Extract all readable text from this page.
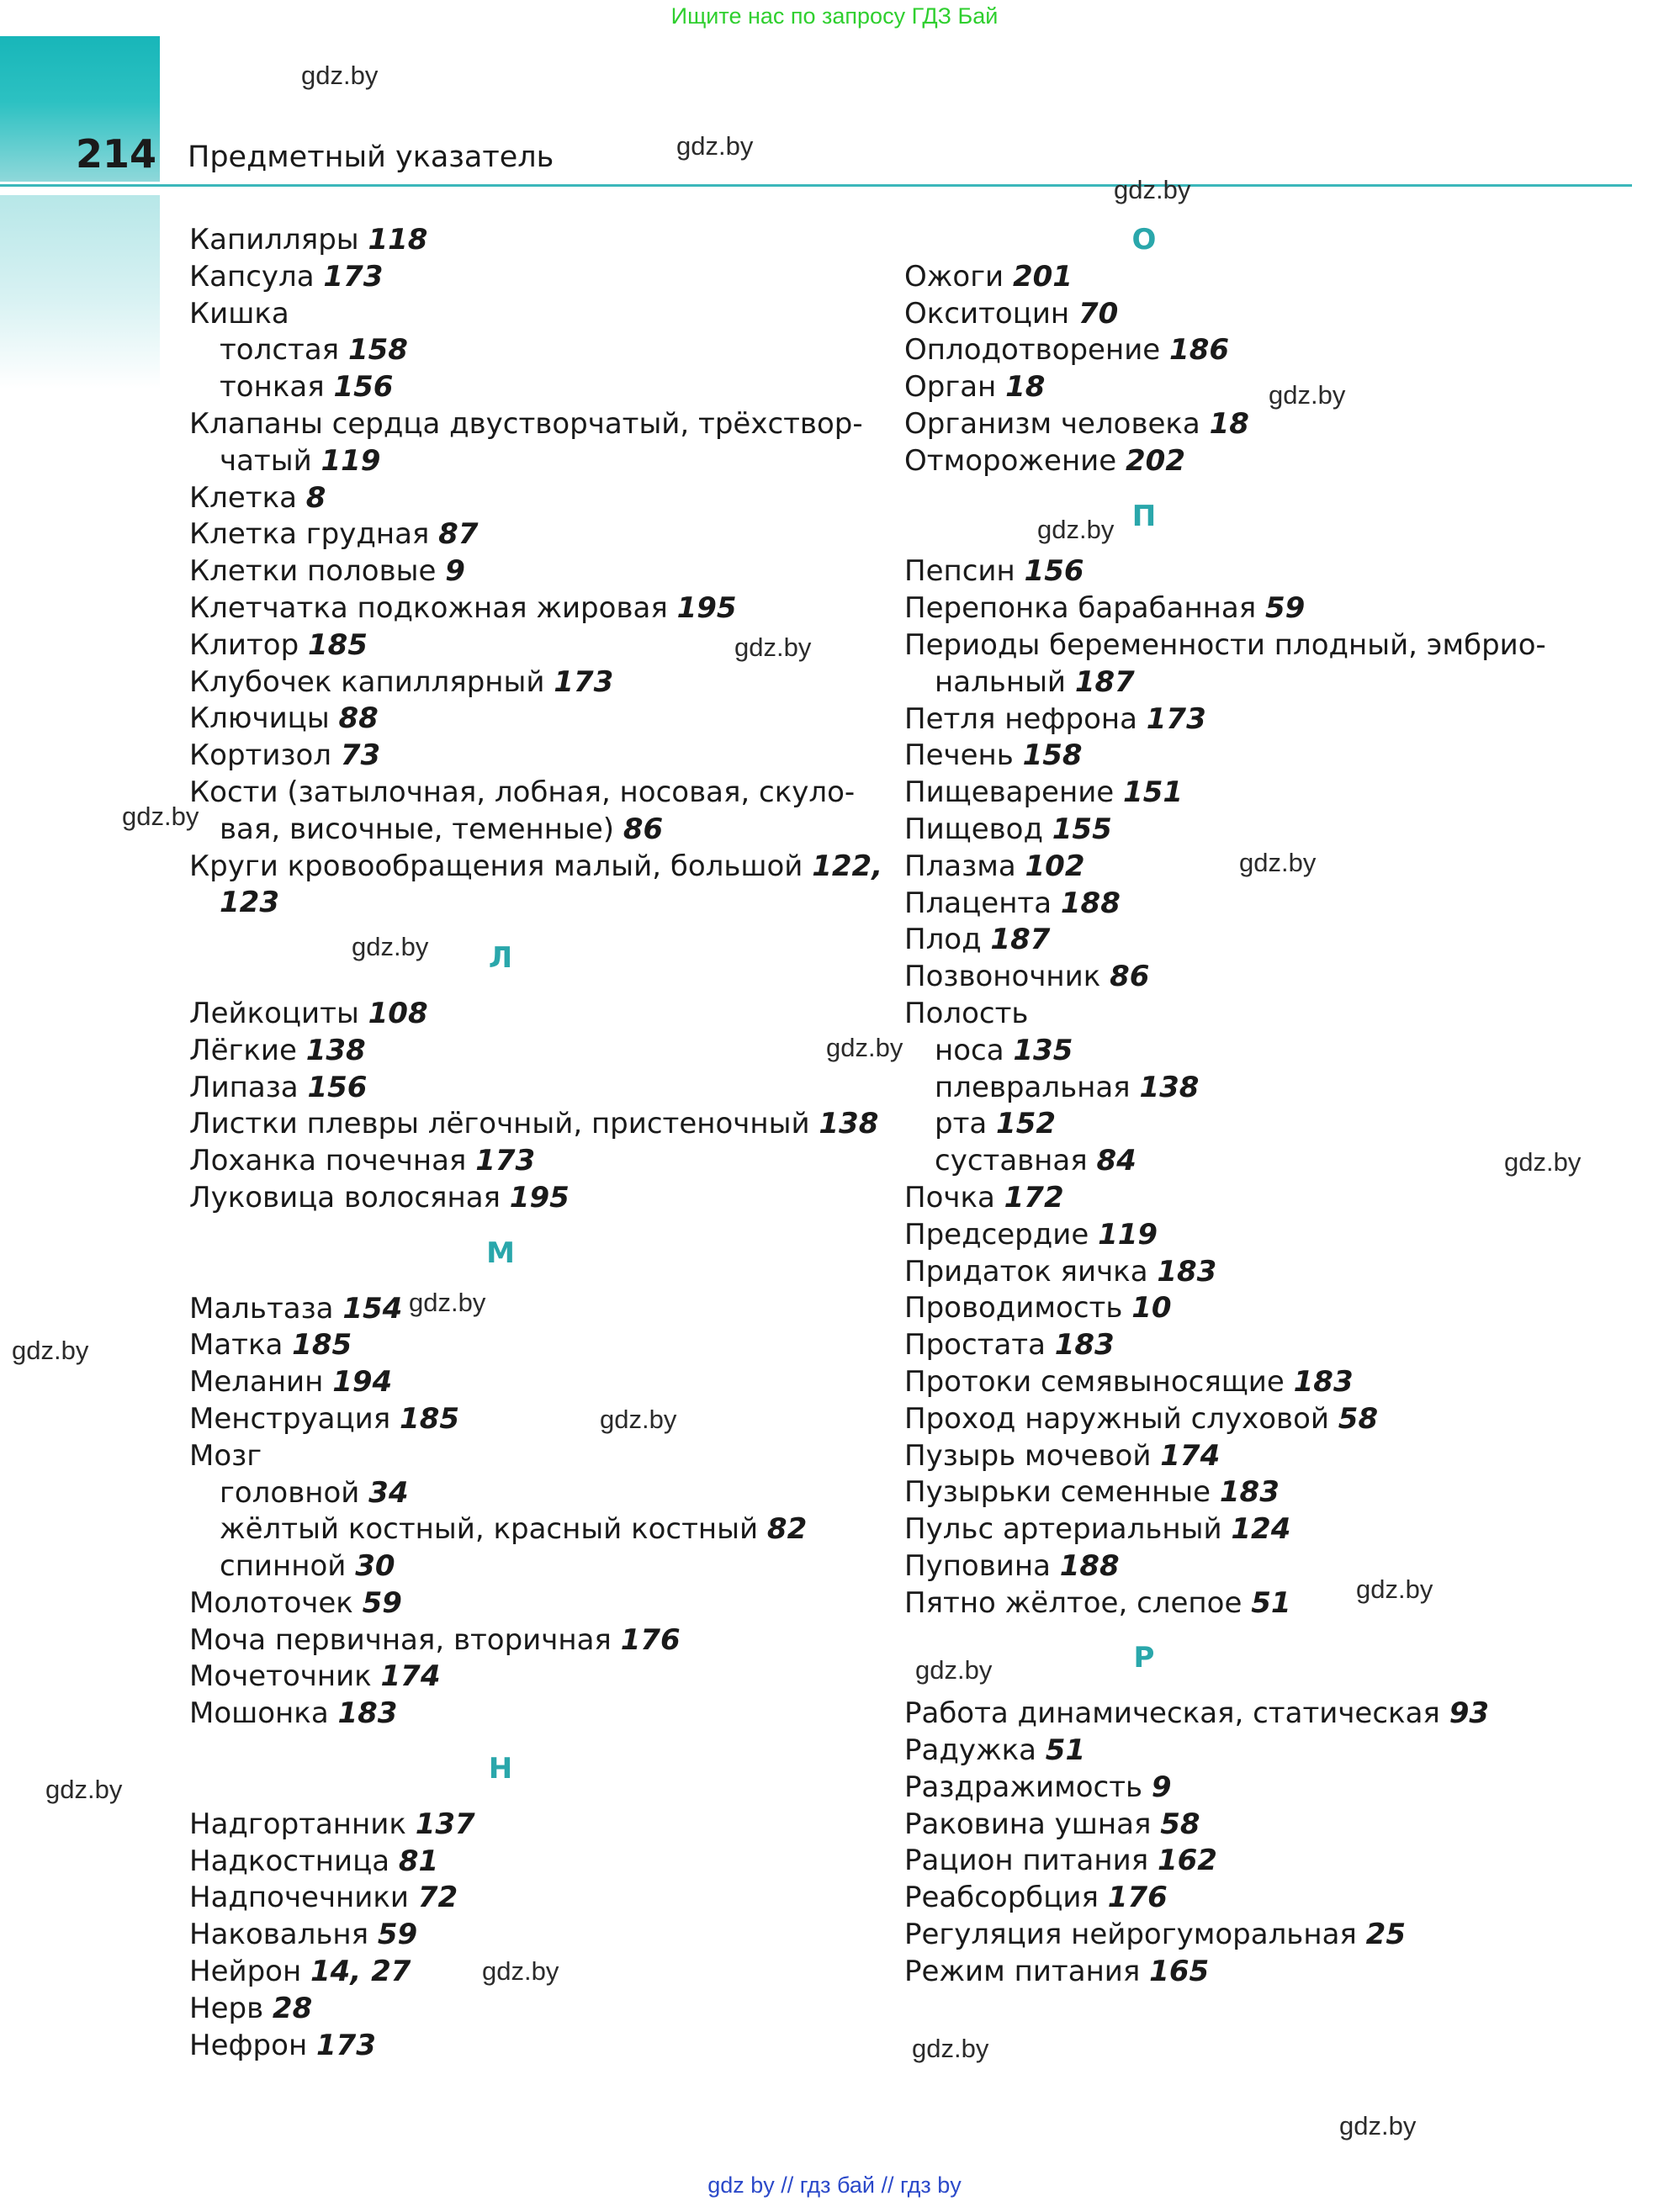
Ищите нас по запросу ГДЗ Бай
214 Предметный указатель
Капилляры 118
Капсула 173
Кишка
толстая 158
тонкая 156
Клапаны сердца двустворчатый, трёхствор-
чатый 119
Клетка 8
Клетка грудная 87
Клетки половые 9
Клетчатка подкожная жировая 195
Клитор 185
Клубочек капиллярный 173
Ключицы 88
Кортизол 73
Кости (затылочная, лобная, носовая, скуло-
вая, височные, теменные) 86
Круги кровообращения малый, большой 122,
123
Л
Лейкоциты 108
Лёгкие 138
Липаза 156
Листки плевры лёгочный, пристеночный 138
Лоханка почечная 173
Луковица волосяная 195
М
Мальтаза 154
Матка 185
Меланин 194
Менструация 185
Мозг
головной 34
жёлтый костный, красный костный 82
спинной 30
Молоточек 59
Моча первичная, вторичная 176
Мочеточник 174
Мошонка 183
Н
Надгортанник 137
Надкостница 81
Надпочечники 72
Наковальня 59
Нейрон 14, 27
Нерв 28
Нефрон 173
О
Ожоги 201
Окситоцин 70
Оплодотворение 186
Орган 18
Организм человека 18
Отморожение 202
П
Пепсин 156
Перепонка барабанная 59
Периоды беременности плодный, эмбрио-
нальный 187
Петля нефрона 173
Печень 158
Пищеварение 151
Пищевод 155
Плазма 102
Плацента 188
Плод 187
Позвоночник 86
Полость
носа 135
плевральная 138
рта 152
суставная 84
Почка 172
Предсердие 119
Придаток яичка 183
Проводимость 10
Простата 183
Протоки семявыносящие 183
Проход наружный слуховой 58
Пузырь мочевой 174
Пузырьки семенные 183
Пульс артериальный 124
Пуповина 188
Пятно жёлтое, слепое 51
Р
Работа динамическая, статическая 93
Радужка 51
Раздражимость 9
Раковина ушная 58
Рацион питания 162
Реабсорбция 176
Регуляция нейрогуморальная 25
Режим питания 165
gdz.by
gdz.by
gdz.by
gdz.by
gdz.by
gdz.by
gdz.by
gdz.by
gdz.by
gdz.by
gdz.by
gdz.by
gdz.by
gdz.by
gdz.by
gdz.by
gdz.by
gdz.by
gdz.by
gdz.by
gdz by // гдз бай // гдз by
